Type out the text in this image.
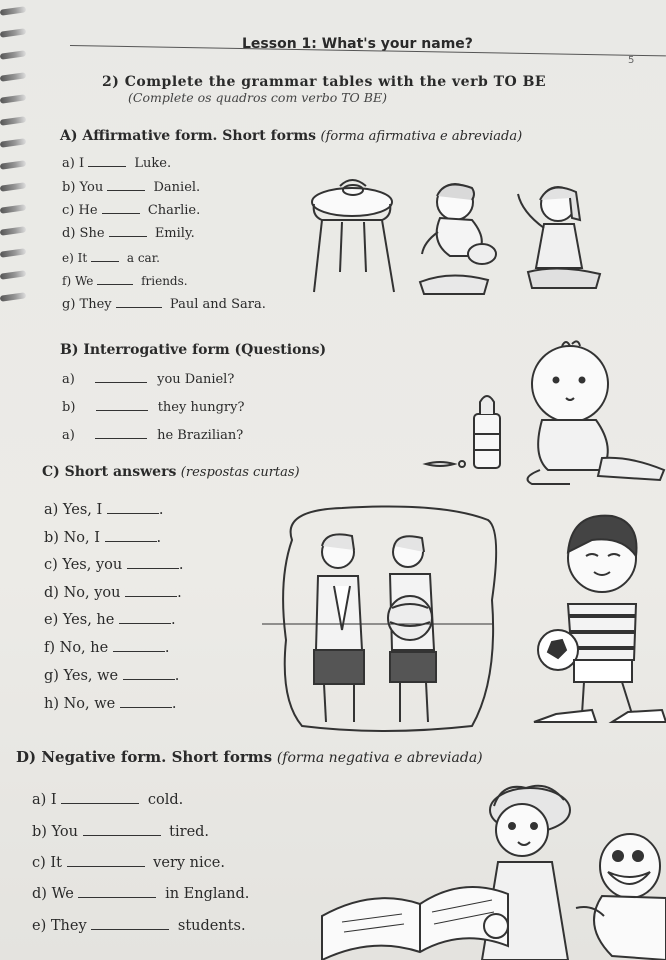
Lesson 1: What's your name?
5
2) Complete the grammar tables with the verb TO BE
(Complete os quadros com verbo TO BE)
A) Affirmative form. Short forms (forma afirmativa e abreviada)
a) I	Luke.
b) You	Daniel.
c) He	Charlie.
d) She	Emily.
e) It	a car.
f) We	friends.
g) They	Paul and Sara.
B) Interrogative form (Questions)
a)	you Daniel?
b)	they hungry?
a)	he Brazilian?
C) Short answers (respostas curtas)
a) Yes, I	.
b) No, I	.
c) Yes, you	.
d) No, you	.
e) Yes, he	.
f) No, he	.
g) Yes, we	.
h) No, we	.
D) Negative form. Short forms (forma negativa e abreviada)
a) I	cold.
b) You	tired.
c) It	very nice.
d) We	in England.
e) They	students.
